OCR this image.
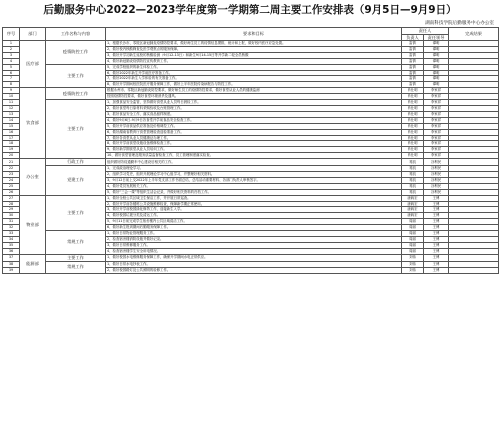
后勤服务中心2022—2023学年度第一学期第二周主要工作安排表（9月5日—9月9日）
湖南科技学院后勤服务中心办公室
序号	部门	工作名称与内容	要求和目标	责任人		完成结果
				负责人	责任领导	
1	医疗部	疫情防控工作	1、根据长沙市、零陵区新冠肺炎疫情防控要求，做好师生员工的疫情信息摸排，统计和上报，做好校内医疗应急处置。	雷倩	谭明	
2			2、做好校内核酸筛查及医学观察点的服务保障。	雷倩	谭明	
3			3、做好开学初新生返校的核酸检测（9月12-13日）和新生9月14-15日等开学新二轮全员核酸	雷倩	谭明	
4			4、做好新冠肺炎疫情防控宣传教育工作。	雷倩	谭明	
5		主要工作	5、完成学校组织的新生体检工作。	雷倩	谭明	
6			6、做好2022年新生开学前医疗准备工作。	雷倩	谭明	
7			7、做好2022年新生入学体检的有关准备工作。	雷倩	谭明	
8			8、做好开学期间校医院医疗服务保障工作，做好上半年医院传染病报告与防控工作。	雷倩	谭明	
9	饮食部	疫情防控工作	根据永州市、零陵区新冠肺炎防控要求，做好师生员工的疫情防控要求，做好食堂从业人员的健康监测	肖仕明	李家祥	
10			按照疫情防控要求，做好食堂环境消杀及通风。	肖仕明	李家祥	
11		主要工作	1、加强食品安全监管，坚持做好食堂从业人员每日晨检工作。	肖仕明	李家祥	
12			2、做好食堂每日原材料采购验收及台账管理工作。	肖仕明	李家祥	
13			3、抓好食品安全工作，落实食品留样制度。	肖仕明	李家祥	
14			4、做好9月6日-9月9日各食堂开学前食品安全检查工作。	肖仕明	李家祥	
15			5、做好开学前食品供应准备及价格调控工作。	肖仕明	李家祥	
16			6、做好湖南省教育厅食堂管理检查迎检准备工作。	肖仕明	李家祥	
17			7、做好各食堂从业人员健康证办理工作。	肖仕明	李家祥	
18			8、做好开学前食堂设施设备维修检查工作。	肖仕明	李家祥	
19			9、做好新学期食堂从业人员培训工作。	肖仕明	李家祥	
20			10、做好食堂管理及服务质量监督检查工作，员工管理制度落实检查。	肖仕明	李家祥	
21	办公室	行政工作	组织做好防疫通勤车中心建设后相关的工作。	易凯	谷利民	
22		党建工作	1、完成政治理论学习。	易凯	谷利民	
23			2、组织学习党史，组织开展理论学习中心组学习，并整理好相关资料。	易凯	谷利民	
24			3、9月12日前上交2022年上半年党支部工作书面总结，总结活动重要材料、各部门负责人审核签字。	易凯	谷利民	
25			4、做好党员发展相关工作。	易凯	谷利民	
26			5、做好“三会一课”等组织生活会记录，并做好相关资料的归档工作。	易凯	谷利民	
27	物业部	主要工作	1、做好全校公共区域卫生保洁工作，并开展日常巡查。	唐载宏	王博	
28			2、做好开学前各楼栋公共设施维修检查，保障新学期正常使用。	唐载宏	王博	
29			3、做好开学前校园绿化修剪工作，迎接新生入学。	唐载宏	王博	
30			4、做好校园垃圾分类及清运工作。	唐载宏	王博	
31			5、9月11日前完成学生宿舍楼内公共区域清洁工作。	周丽	王博	
32			6、做好新生报到期间后勤服务保障工作。	周丽	王博	
33		常规工作	1、做好日常物业管理服务工作。	周丽	王博	
34			2、检查宿舍楼消防设施并做好记录。	周丽	王博	
35			3、做好日常维修服务工作。	周丽	王博	
36			4、检查宿舍楼学生安全用电情况。	周丽	王博	
37	能源部	主要工作	1、做好校园水电维修服务保障工作，确保开学期间水电正常供应。	刘伟	王博	
38		常规工作	1、做好日常水电抄表工作。	刘伟	王博	
39			2、做好校园路灯及公共照明的检修工作。	刘伟	王博	
